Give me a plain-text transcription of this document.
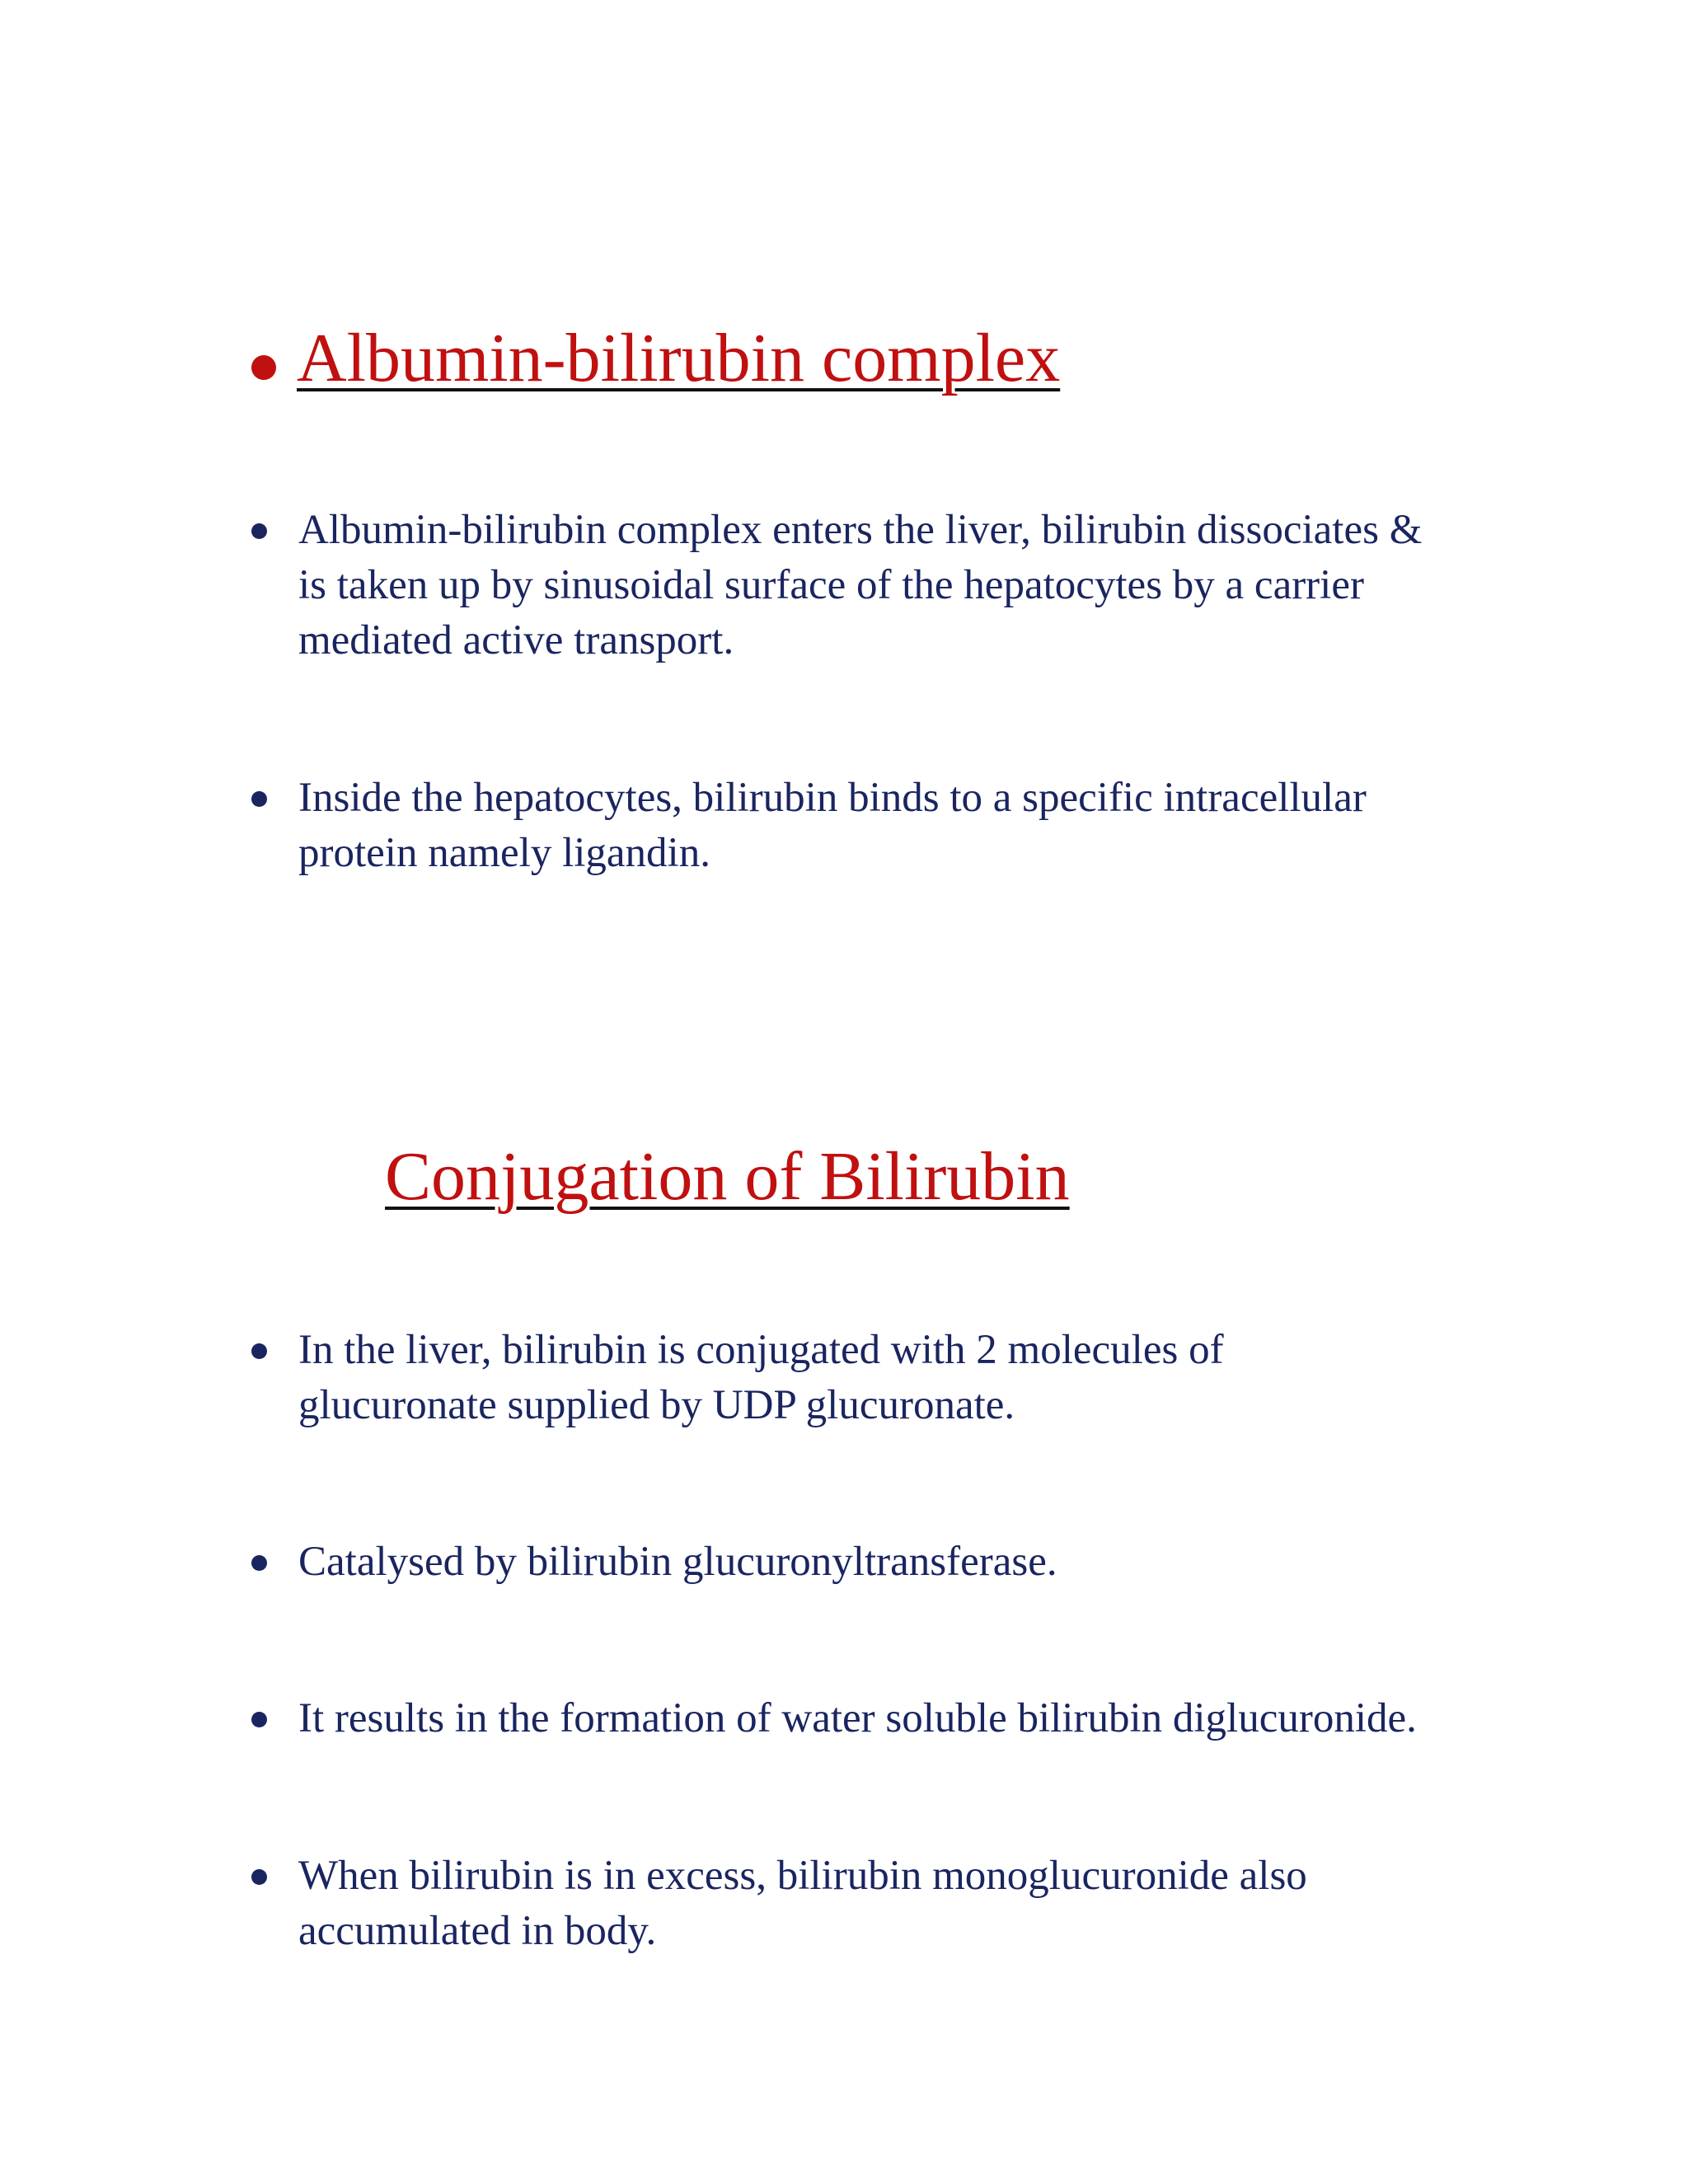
Albumin-bilirubin complex
Albumin-bilirubin complex enters the liver, bilirubin dissociates &
is taken up by sinusoidal surface of the hepatocytes by a carrier
mediated active transport.
Inside the hepatocytes, bilirubin binds to a specific intracellular
protein namely ligandin.
Conjugation of Bilirubin
In the liver, bilirubin is conjugated with 2 molecules of
glucuronate supplied by UDP glucuronate.
Catalysed by bilirubin glucuronyltransferase.
It results in the formation of water soluble bilirubin diglucuronide.
When bilirubin is in excess, bilirubin monoglucuronide also
accumulated in body.
